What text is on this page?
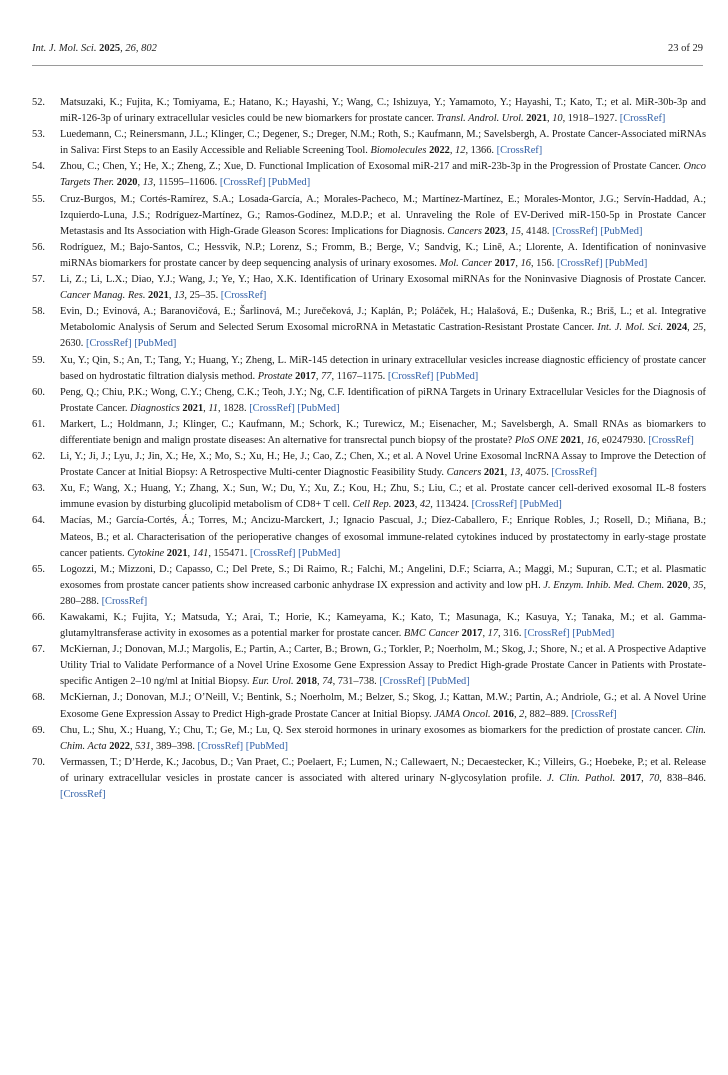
Int. J. Mol. Sci. 2025, 26, 802	23 of 29
52.	Matsuzaki, K.; Fujita, K.; Tomiyama, E.; Hatano, K.; Hayashi, Y.; Wang, C.; Ishizuya, Y.; Yamamoto, Y.; Hayashi, T.; Kato, T.; et al. MiR-30b-3p and miR-126-3p of urinary extracellular vesicles could be new biomarkers for prostate cancer. Transl. Androl. Urol. 2021, 10, 1918–1927. [CrossRef]
53.	Luedemann, C.; Reinersmann, J.L.; Klinger, C.; Degener, S.; Dreger, N.M.; Roth, S.; Kaufmann, M.; Savelsbergh, A. Prostate Cancer-Associated miRNAs in Saliva: First Steps to an Easily Accessible and Reliable Screening Tool. Biomolecules 2022, 12, 1366. [CrossRef]
54.	Zhou, C.; Chen, Y.; He, X.; Zheng, Z.; Xue, D. Functional Implication of Exosomal miR-217 and miR-23b-3p in the Progression of Prostate Cancer. Onco Targets Ther. 2020, 13, 11595–11606. [CrossRef] [PubMed]
55.	Cruz-Burgos, M.; Cortés-Ramírez, S.A.; Losada-García, A.; Morales-Pacheco, M.; Martínez-Martínez, E.; Morales-Montor, J.G.; Servín-Haddad, A.; Izquierdo-Luna, J.S.; Rodríguez-Martínez, G.; Ramos-Godínez, M.D.P.; et al. Unraveling the Role of EV-Derived miR-150-5p in Prostate Cancer Metastasis and Its Association with High-Grade Gleason Scores: Implications for Diagnosis. Cancers 2023, 15, 4148. [CrossRef] [PubMed]
56.	Rodríguez, M.; Bajo-Santos, C.; Hessvik, N.P.; Lorenz, S.; Fromm, B.; Berge, V.; Sandvig, K.; Linē, A.; Llorente, A. Identification of noninvasive miRNAs biomarkers for prostate cancer by deep sequencing analysis of urinary exosomes. Mol. Cancer 2017, 16, 156. [CrossRef] [PubMed]
57.	Li, Z.; Li, L.X.; Diao, Y.J.; Wang, J.; Ye, Y.; Hao, X.K. Identification of Urinary Exosomal miRNAs for the Noninvasive Diagnosis of Prostate Cancer. Cancer Manag. Res. 2021, 13, 25–35. [CrossRef]
58.	Evin, D.; Evinová, A.; Baranovičová, E.; Šarlinová, M.; Jurečeková, J.; Kaplán, P.; Poláček, H.; Halašová, E.; Dušenka, R.; Briš, L.; et al. Integrative Metabolomic Analysis of Serum and Selected Serum Exosomal microRNA in Metastatic Castration-Resistant Prostate Cancer. Int. J. Mol. Sci. 2024, 25, 2630. [CrossRef] [PubMed]
59.	Xu, Y.; Qin, S.; An, T.; Tang, Y.; Huang, Y.; Zheng, L. MiR-145 detection in urinary extracellular vesicles increase diagnostic efficiency of prostate cancer based on hydrostatic filtration dialysis method. Prostate 2017, 77, 1167–1175. [CrossRef] [PubMed]
60.	Peng, Q.; Chiu, P.K.; Wong, C.Y.; Cheng, C.K.; Teoh, J.Y.; Ng, C.F. Identification of piRNA Targets in Urinary Extracellular Vesicles for the Diagnosis of Prostate Cancer. Diagnostics 2021, 11, 1828. [CrossRef] [PubMed]
61.	Markert, L.; Holdmann, J.; Klinger, C.; Kaufmann, M.; Schork, K.; Turewicz, M.; Eisenacher, M.; Savelsbergh, A. Small RNAs as biomarkers to differentiate benign and malign prostate diseases: An alternative for transrectal punch biopsy of the prostate? PloS ONE 2021, 16, e0247930. [CrossRef]
62.	Li, Y.; Ji, J.; Lyu, J.; Jin, X.; He, X.; Mo, S.; Xu, H.; He, J.; Cao, Z.; Chen, X.; et al. A Novel Urine Exosomal lncRNA Assay to Improve the Detection of Prostate Cancer at Initial Biopsy: A Retrospective Multi-center Diagnostic Feasibility Study. Cancers 2021, 13, 4075. [CrossRef]
63.	Xu, F.; Wang, X.; Huang, Y.; Zhang, X.; Sun, W.; Du, Y.; Xu, Z.; Kou, H.; Zhu, S.; Liu, C.; et al. Prostate cancer cell-derived exosomal IL-8 fosters immune evasion by disturbing glucolipid metabolism of CD8+ T cell. Cell Rep. 2023, 42, 113424. [CrossRef] [PubMed]
64.	Macías, M.; García-Cortés, Á.; Torres, M.; Ancizu-Marckert, J.; Ignacio Pascual, J.; Díez-Caballero, F.; Enrique Robles, J.; Rosell, D.; Miñana, B.; Mateos, B.; et al. Characterisation of the perioperative changes of exosomal immune-related cytokines induced by prostatectomy in early-stage prostate cancer patients. Cytokine 2021, 141, 155471. [CrossRef] [PubMed]
65.	Logozzi, M.; Mizzoni, D.; Capasso, C.; Del Prete, S.; Di Raimo, R.; Falchi, M.; Angelini, D.F.; Sciarra, A.; Maggi, M.; Supuran, C.T.; et al. Plasmatic exosomes from prostate cancer patients show increased carbonic anhydrase IX expression and activity and low pH. J. Enzym. Inhib. Med. Chem. 2020, 35, 280–288. [CrossRef]
66.	Kawakami, K.; Fujita, Y.; Matsuda, Y.; Arai, T.; Horie, K.; Kameyama, K.; Kato, T.; Masunaga, K.; Kasuya, Y.; Tanaka, M.; et al. Gamma-glutamyltransferase activity in exosomes as a potential marker for prostate cancer. BMC Cancer 2017, 17, 316. [CrossRef] [PubMed]
67.	McKiernan, J.; Donovan, M.J.; Margolis, E.; Partin, A.; Carter, B.; Brown, G.; Torkler, P.; Noerholm, M.; Skog, J.; Shore, N.; et al. A Prospective Adaptive Utility Trial to Validate Performance of a Novel Urine Exosome Gene Expression Assay to Predict High-grade Prostate Cancer in Patients with Prostate-specific Antigen 2–10 ng/ml at Initial Biopsy. Eur. Urol. 2018, 74, 731–738. [CrossRef] [PubMed]
68.	McKiernan, J.; Donovan, M.J.; O’Neill, V.; Bentink, S.; Noerholm, M.; Belzer, S.; Skog, J.; Kattan, M.W.; Partin, A.; Andriole, G.; et al. A Novel Urine Exosome Gene Expression Assay to Predict High-grade Prostate Cancer at Initial Biopsy. JAMA Oncol. 2016, 2, 882–889. [CrossRef]
69.	Chu, L.; Shu, X.; Huang, Y.; Chu, T.; Ge, M.; Lu, Q. Sex steroid hormones in urinary exosomes as biomarkers for the prediction of prostate cancer. Clin. Chim. Acta 2022, 531, 389–398. [CrossRef] [PubMed]
70.	Vermassen, T.; D’Herde, K.; Jacobus, D.; Van Praet, C.; Poelaert, F.; Lumen, N.; Callewaert, N.; Decaestecker, K.; Villeirs, G.; Hoebeke, P.; et al. Release of urinary extracellular vesicles in prostate cancer is associated with altered urinary N-glycosylation profile. J. Clin. Pathol. 2017, 70, 838–846. [CrossRef]
